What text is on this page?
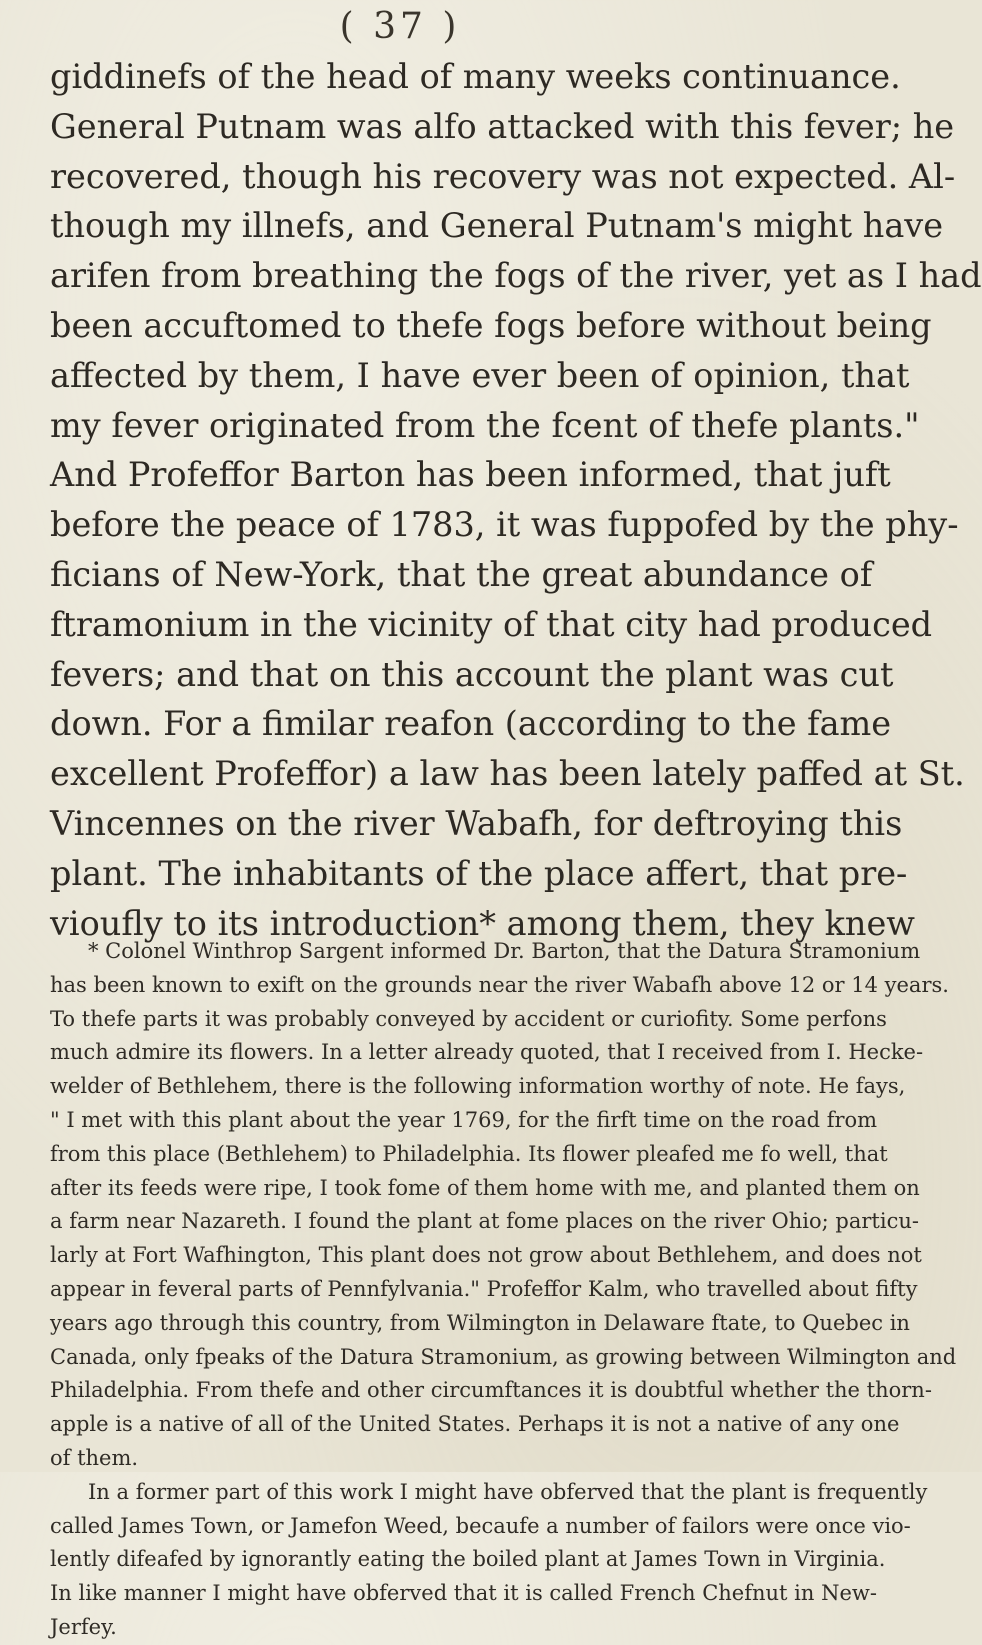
( 37 )
giddinefs of the head of many weeks continuance.
General Putnam was alfo attacked with this fever; he
recovered, though his recovery was not expected. Al-
though my illnefs, and General Putnam's might have
arifen from breathing the fogs of the river, yet as I had
been accuftomed to thefe fogs before without being
affected by them, I have ever been of opinion, that
my fever originated from the fcent of thefe plants."
And Profeffor Barton has been informed, that juft
before the peace of 1783, it was fuppofed by the phy-
ficians of New-York, that the great abundance of
ftramonium in the vicinity of that city had produced
fevers; and that on this account the plant was cut
down. For a fimilar reafon (according to the fame
excellent Profeffor) a law has been lately paffed at St.
Vincennes on the river Wabafh, for deftroying this
plant. The inhabitants of the place affert, that pre-
vioufly to its introduction* among them, they knew
* Colonel Winthrop Sargent informed Dr. Barton, that the Datura Stramonium
has been known to exift on the grounds near the river Wabafh above 12 or 14 years.
To thefe parts it was probably conveyed by accident or curiofity. Some perfons
much admire its flowers. In a letter already quoted, that I received from I. Hecke-
welder of Bethlehem, there is the following information worthy of note. He fays,
" I met with this plant about the year 1769, for the firft time on the road from
from this place (Bethlehem) to Philadelphia. Its flower pleafed me fo well, that
after its feeds were ripe, I took fome of them home with me, and planted them on
a farm near Nazareth. I found the plant at fome places on the river Ohio; particu-
larly at Fort Wafhington, This plant does not grow about Bethlehem, and does not
appear in feveral parts of Pennfylvania." Profeffor Kalm, who travelled about fifty
years ago through this country, from Wilmington in Delaware ftate, to Quebec in
Canada, only fpeaks of the Datura Stramonium, as growing between Wilmington and
Philadelphia. From thefe and other circumftances it is doubtful whether the thorn-
apple is a native of all of the United States. Perhaps it is not a native of any one
of them.
In a former part of this work I might have obferved that the plant is frequently
called James Town, or Jamefon Weed, becaufe a number of failors were once vio-
lently difeafed by ignorantly eating the boiled plant at James Town in Virginia.
In like manner I might have obferved that it is called French Chefnut in New-
Jerfey.
